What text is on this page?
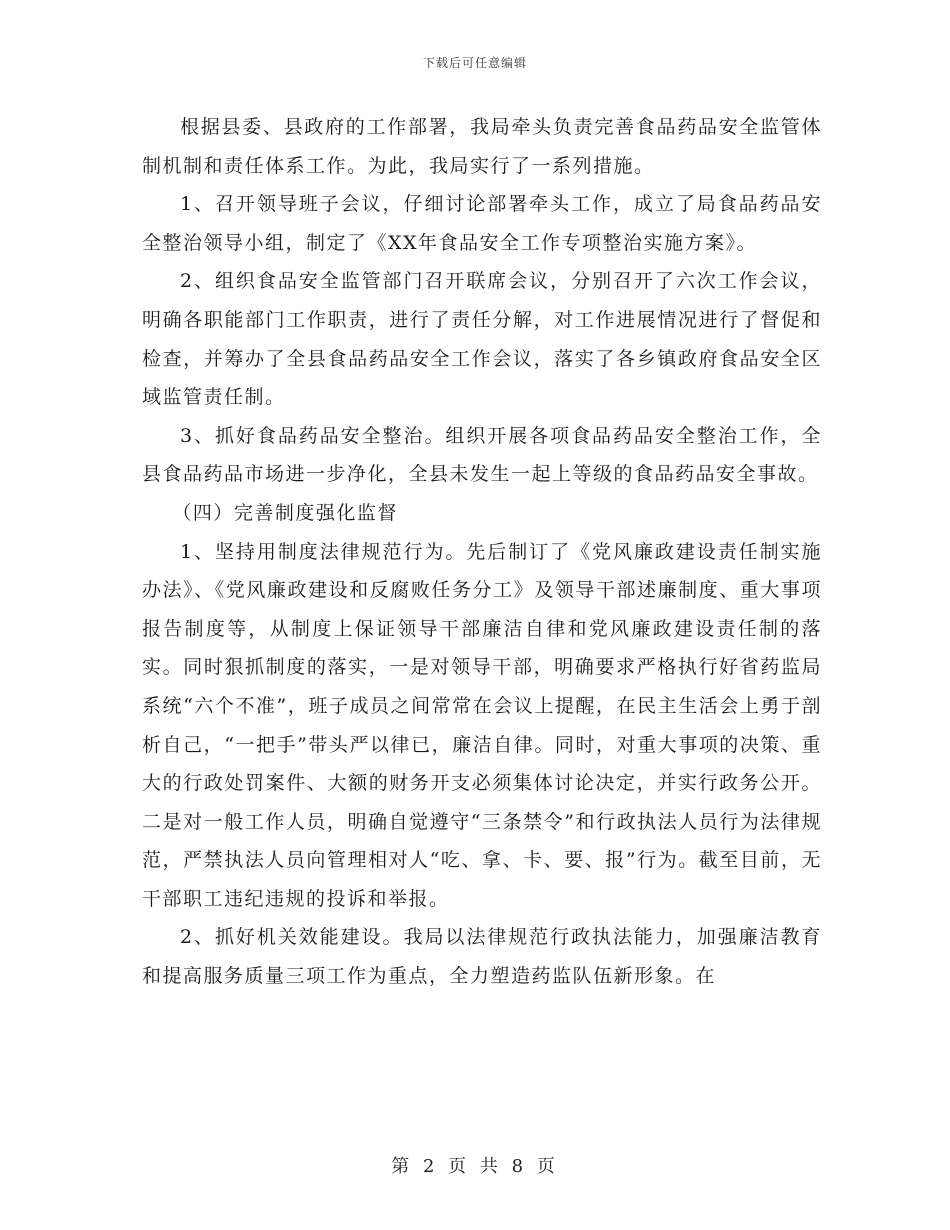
下载后可任意编辑

根据县委、县政府的工作部署，我局牵头负责完善食品药品安全监管体制机制和责任体系工作。为此，我局实行了一系列措施。

1、召开领导班子会议，仔细讨论部署牵头工作，成立了局食品药品安全整治领导小组，制定了《XX年食品安全工作专项整治实施方案》。

2、组织食品安全监管部门召开联席会议，分别召开了六次工作会议，明确各职能部门工作职责，进行了责任分解，对工作进展情况进行了督促和检查，并筹办了全县食品药品安全工作会议，落实了各乡镇政府食品安全区域监管责任制。

3、抓好食品药品安全整治。组织开展各项食品药品安全整治工作，全县食品药品市场进一步净化，全县未发生一起上等级的食品药品安全事故。

（四）完善制度强化监督

1、坚持用制度法律规范行为。先后制订了《党风廉政建设责任制实施办法》、《党风廉政建设和反腐败任务分工》及领导干部述廉制度、重大事项报告制度等，从制度上保证领导干部廉洁自律和党风廉政建设责任制的落实。同时狠抓制度的落实，一是对领导干部，明确要求严格执行好省药监局系统“六个不准”，班子成员之间常常在会议上提醒，在民主生活会上勇于剖析自己，“一把手”带头严以律已，廉洁自律。同时，对重大事项的决策、重大的行政处罚案件、大额的财务开支必须集体讨论决定，并实行政务公开。二是对一般工作人员，明确自觉遵守“三条禁令”和行政执法人员行为法律规范，严禁执法人员向管理相对人“吃、拿、卡、要、报”行为。截至目前，无干部职工违纪违规的投诉和举报。

2、抓好机关效能建设。我局以法律规范行政执法能力，加强廉洁教育和提高服务质量三项工作为重点，全力塑造药监队伍新形象。在

第 2 页 共 8 页
